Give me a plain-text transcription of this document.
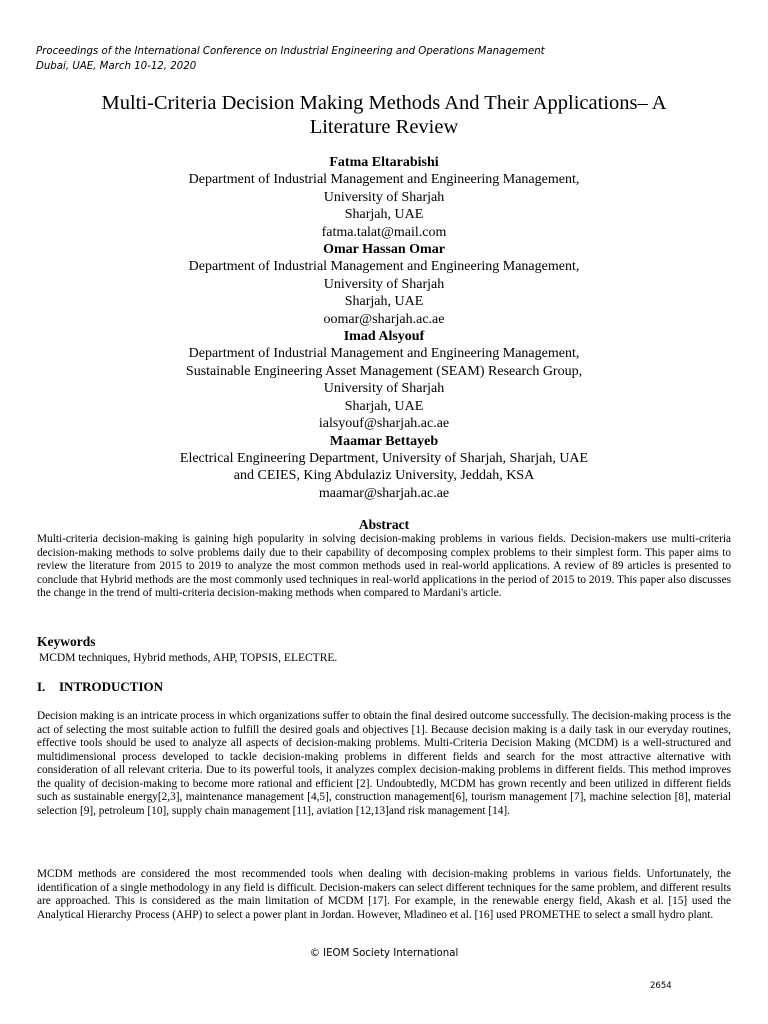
Proceedings of the International Conference on Industrial Engineering and Operations Management
Dubai, UAE, March 10-12, 2020
Multi-Criteria Decision Making Methods And Their Applications– A
Literature Review
Fatma Eltarabishi
Department of Industrial Management and Engineering Management,
University of Sharjah
Sharjah, UAE
fatma.talat@mail.com
Omar Hassan Omar
Department of Industrial Management and Engineering Management,
University of Sharjah
Sharjah, UAE
oomar@sharjah.ac.ae
Imad Alsyouf
Department of Industrial Management and Engineering Management,
Sustainable Engineering Asset Management (SEAM) Research Group,
University of Sharjah
Sharjah, UAE
ialsyouf@sharjah.ac.ae
Maamar Bettayeb
Electrical Engineering Department, University of Sharjah, Sharjah, UAE
and CEIES, King Abdulaziz University, Jeddah, KSA
maamar@sharjah.ac.ae
Abstract
Multi-criteria decision-making is gaining high popularity in solving decision-making problems in various fields. Decision-makers use multi-criteria decision-making methods to solve problems daily due to their capability of decomposing complex problems to their simplest form. This paper aims to review the literature from 2015 to 2019 to analyze the most common methods used in real-world applications. A review of 89 articles is presented to conclude that Hybrid methods are the most commonly used techniques in real-world applications in the period of 2015 to 2019. This paper also discusses the change in the trend of multi-criteria decision-making methods when compared to Mardani's article.
Keywords
MCDM techniques, Hybrid methods, AHP, TOPSIS, ELECTRE.
I. INTRODUCTION
Decision making is an intricate process in which organizations suffer to obtain the final desired outcome successfully. The decision-making process is the act of selecting the most suitable action to fulfill the desired goals and objectives [1]. Because decision making is a daily task in our everyday routines, effective tools should be used to analyze all aspects of decision-making problems. Multi-Criteria Decision Making (MCDM) is a well-structured and multidimensional process developed to tackle decision-making problems in different fields and search for the most attractive alternative with consideration of all relevant criteria. Due to its powerful tools, it analyzes complex decision-making problems in different fields. This method improves the quality of decision-making to become more rational and efficient [2]. Undoubtedly, MCDM has grown recently and been utilized in different fields such as sustainable energy[2,3], maintenance management [4,5], construction management[6], tourism management [7], machine selection [8], material selection [9], petroleum [10], supply chain management [11], aviation [12,13]and risk management [14].
MCDM methods are considered the most recommended tools when dealing with decision-making problems in various fields. Unfortunately, the identification of a single methodology in any field is difficult. Decision-makers can select different techniques for the same problem, and different results are approached. This is considered as the main limitation of MCDM [17]. For example, in the renewable energy field, Akash et al. [15] used the Analytical Hierarchy Process (AHP) to select a power plant in Jordan. However, Mladineo et al. [16] used PROMETHE to select a small hydro plant.
© IEOM Society International
2654
